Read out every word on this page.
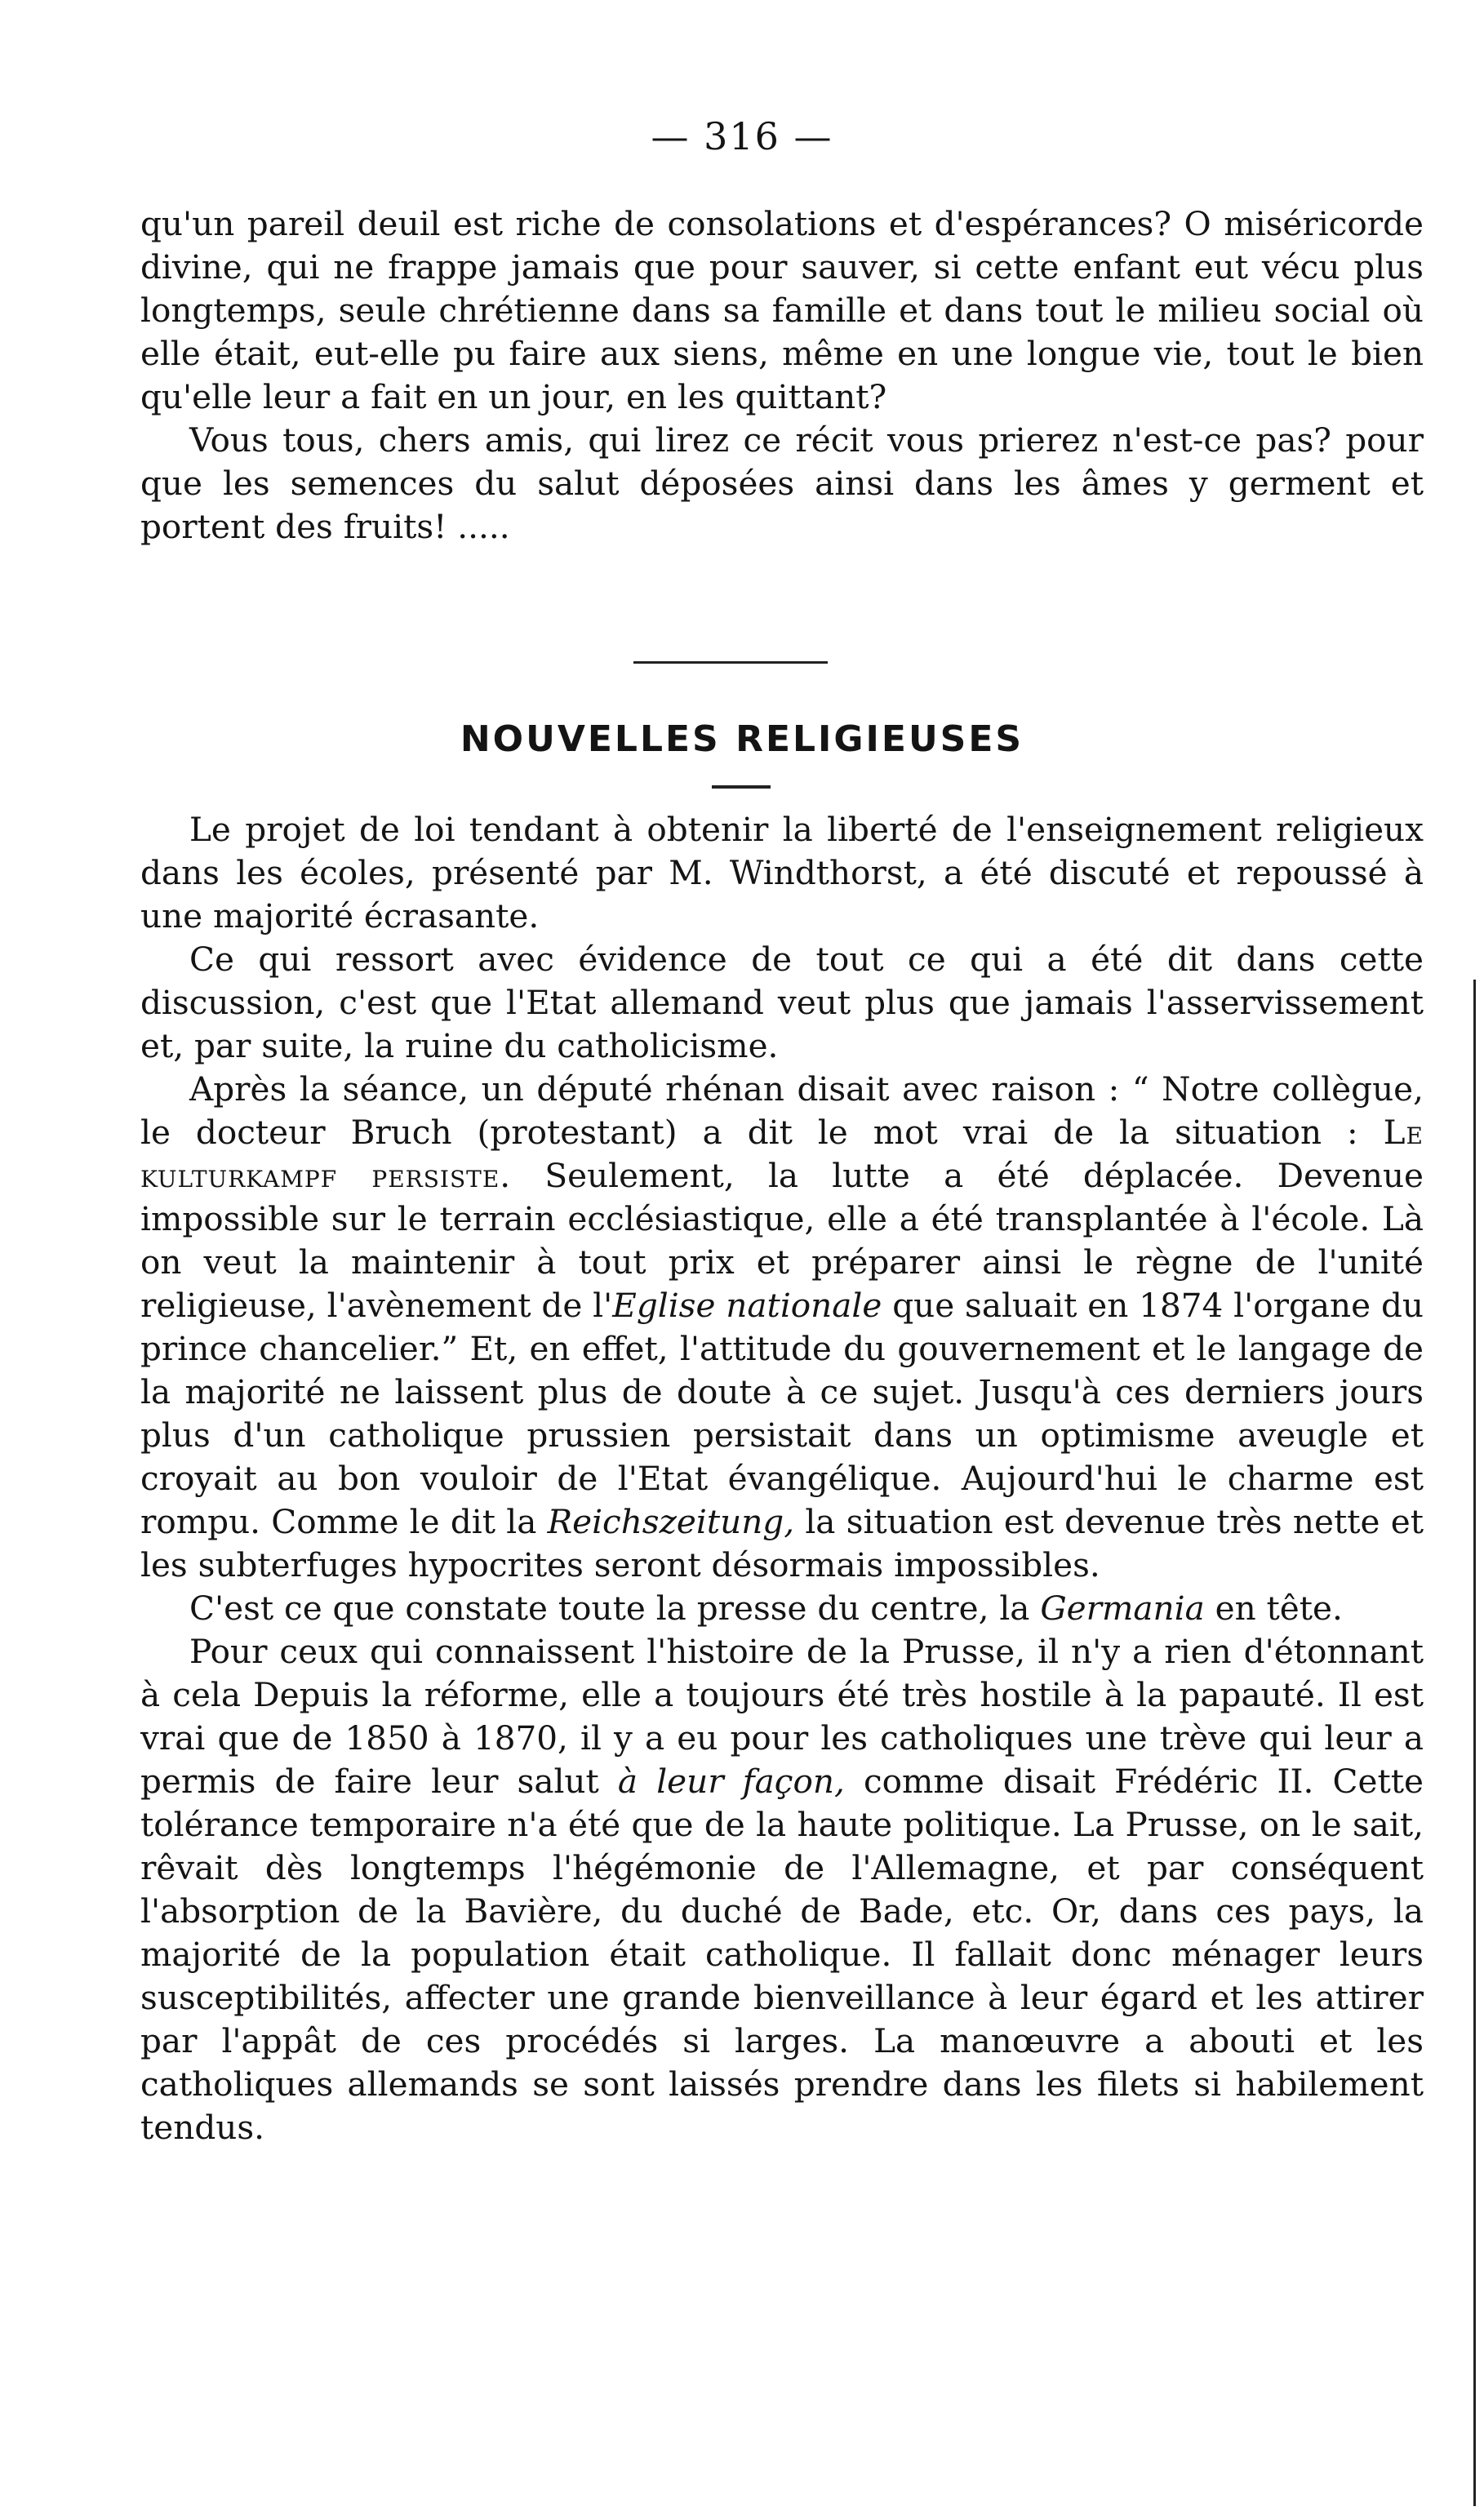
— 316 —

qu'un pareil deuil est riche de consolations et d'espérances? O miséricorde divine, qui ne frappe jamais que pour sauver, si cette enfant eut vécu plus longtemps, seule chrétienne dans sa famille et dans tout le milieu social où elle était, eut-elle pu faire aux siens, même en une longue vie, tout le bien qu'elle leur a fait en un jour, en les quittant?

Vous tous, chers amis, qui lirez ce récit vous prierez n'est-ce pas? pour que les semences du salut déposées ainsi dans les âmes y germent et portent des fruits! .....

NOUVELLES RELIGIEUSES

Le projet de loi tendant à obtenir la liberté de l'enseignement religieux dans les écoles, présenté par M. Windthorst, a été discuté et repoussé à une majorité écrasante.

Ce qui ressort avec évidence de tout ce qui a été dit dans cette discussion, c'est que l'Etat allemand veut plus que jamais l'asservissement et, par suite, la ruine du catholicisme.

Après la séance, un député rhénan disait avec raison : “ Notre collègue, le docteur Bruch (protestant) a dit le mot vrai de la situation : Le kulturkampf persiste. Seulement, la lutte a été déplacée. Devenue impossible sur le terrain ecclésiastique, elle a été transplantée à l'école. Là on veut la maintenir à tout prix et préparer ainsi le règne de l'unité religieuse, l'avènement de l'Eglise nationale que saluait en 1874 l'organe du prince chancelier.” Et, en effet, l'attitude du gouvernement et le langage de la majorité ne laissent plus de doute à ce sujet. Jusqu'à ces derniers jours plus d'un catholique prussien persistait dans un optimisme aveugle et croyait au bon vouloir de l'Etat évangélique. Aujourd'hui le charme est rompu. Comme le dit la Reichszeitung, la situation est devenue très nette et les subterfuges hypocrites seront désormais impossibles.

C'est ce que constate toute la presse du centre, la Germania en tête.

Pour ceux qui connaissent l'histoire de la Prusse, il n'y a rien d'étonnant à cela Depuis la réforme, elle a toujours été très hostile à la papauté. Il est vrai que de 1850 à 1870, il y a eu pour les catholiques une trève qui leur a permis de faire leur salut à leur façon, comme disait Frédéric II. Cette tolérance temporaire n'a été que de la haute politique. La Prusse, on le sait, rêvait dès longtemps l'hégémonie de l'Allemagne, et par conséquent l'absorption de la Bavière, du duché de Bade, etc. Or, dans ces pays, la majorité de la population était catholique. Il fallait donc ménager leurs susceptibilités, affecter une grande bienveillance à leur égard et les attirer par l'appât de ces procédés si larges. La manœuvre a abouti et les catholiques allemands se sont laissés prendre dans les filets si habilement tendus.
